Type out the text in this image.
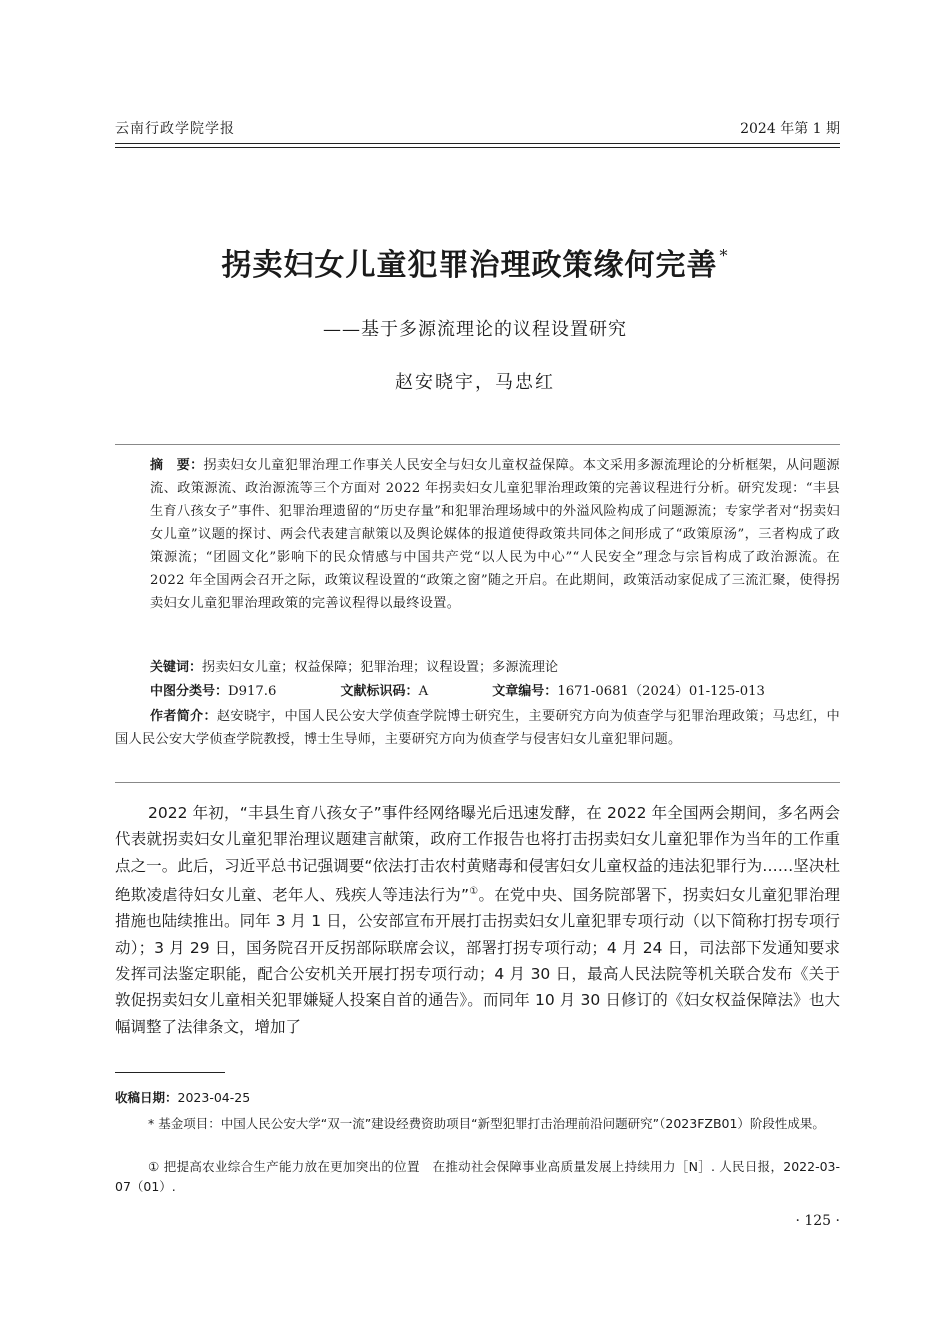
云南行政学院学报	2024 年第 1 期
拐卖妇女儿童犯罪治理政策缘何完善 *
——基于多源流理论的议程设置研究
赵安晓宇，马忠红
摘　要：拐卖妇女儿童犯罪治理工作事关人民安全与妇女儿童权益保障。本文采用多源流理论的分析框架，从问题源流、政策源流、政治源流等三个方面对 2022 年拐卖妇女儿童犯罪治理政策的完善议程进行分析。研究发现：“丰县生育八孩女子”事件、犯罪治理遗留的“历史存量”和犯罪治理场域中的外溢风险构成了问题源流；专家学者对“拐卖妇女儿童”议题的探讨、两会代表建言献策以及舆论媒体的报道使得政策共同体之间形成了“政策原汤”，三者构成了政策源流；“团圆文化”影响下的民众情感与中国共产党“以人民为中心”“人民安全”理念与宗旨构成了政治源流。在 2022 年全国两会召开之际，政策议程设置的“政策之窗”随之开启。在此期间，政策活动家促成了三流汇聚，使得拐卖妇女儿童犯罪治理政策的完善议程得以最终设置。
关键词：拐卖妇女儿童；权益保障；犯罪治理；议程设置；多源流理论
中图分类号：D917.6	文献标识码：A	文章编号：1671-0681（2024）01-125-013
作者简介：赵安晓宇，中国人民公安大学侦查学院博士研究生，主要研究方向为侦查学与犯罪治理政策；马忠红，中国人民公安大学侦查学院教授，博士生导师，主要研究方向为侦查学与侵害妇女儿童犯罪问题。
2022 年初，“丰县生育八孩女子”事件经网络曝光后迅速发酵，在 2022 年全国两会期间，多名两会代表就拐卖妇女儿童犯罪治理议题建言献策，政府工作报告也将打击拐卖妇女儿童犯罪作为当年的工作重点之一。此后，习近平总书记强调要“依法打击农村黄赌毒和侵害妇女儿童权益的违法犯罪行为……坚决杜绝欺凌虐待妇女儿童、老年人、残疾人等违法行为”①。在党中央、国务院部署下，拐卖妇女儿童犯罪治理措施也陆续推出。同年 3 月 1 日，公安部宣布开展打击拐卖妇女儿童犯罪专项行动（以下简称打拐专项行动）；3 月 29 日，国务院召开反拐部际联席会议，部署打拐专项行动；4 月 24 日，司法部下发通知要求发挥司法鉴定职能，配合公安机关开展打拐专项行动；4 月 30 日，最高人民法院等机关联合发布《关于敦促拐卖妇女儿童相关犯罪嫌疑人投案自首的通告》。而同年 10 月 30 日修订的《妇女权益保障法》也大幅调整了法律条文，增加了
收稿日期：2023-04-25
* 基金项目：中国人民公安大学“双一流”建设经费资助项目“新型犯罪打击治理前沿问题研究”（2023FZB01）阶段性成果。
① 把提高农业综合生产能力放在更加突出的位置　在推动社会保障事业高质量发展上持续用力［N］. 人民日报，2022-03-07（01）.
· 125 ·
